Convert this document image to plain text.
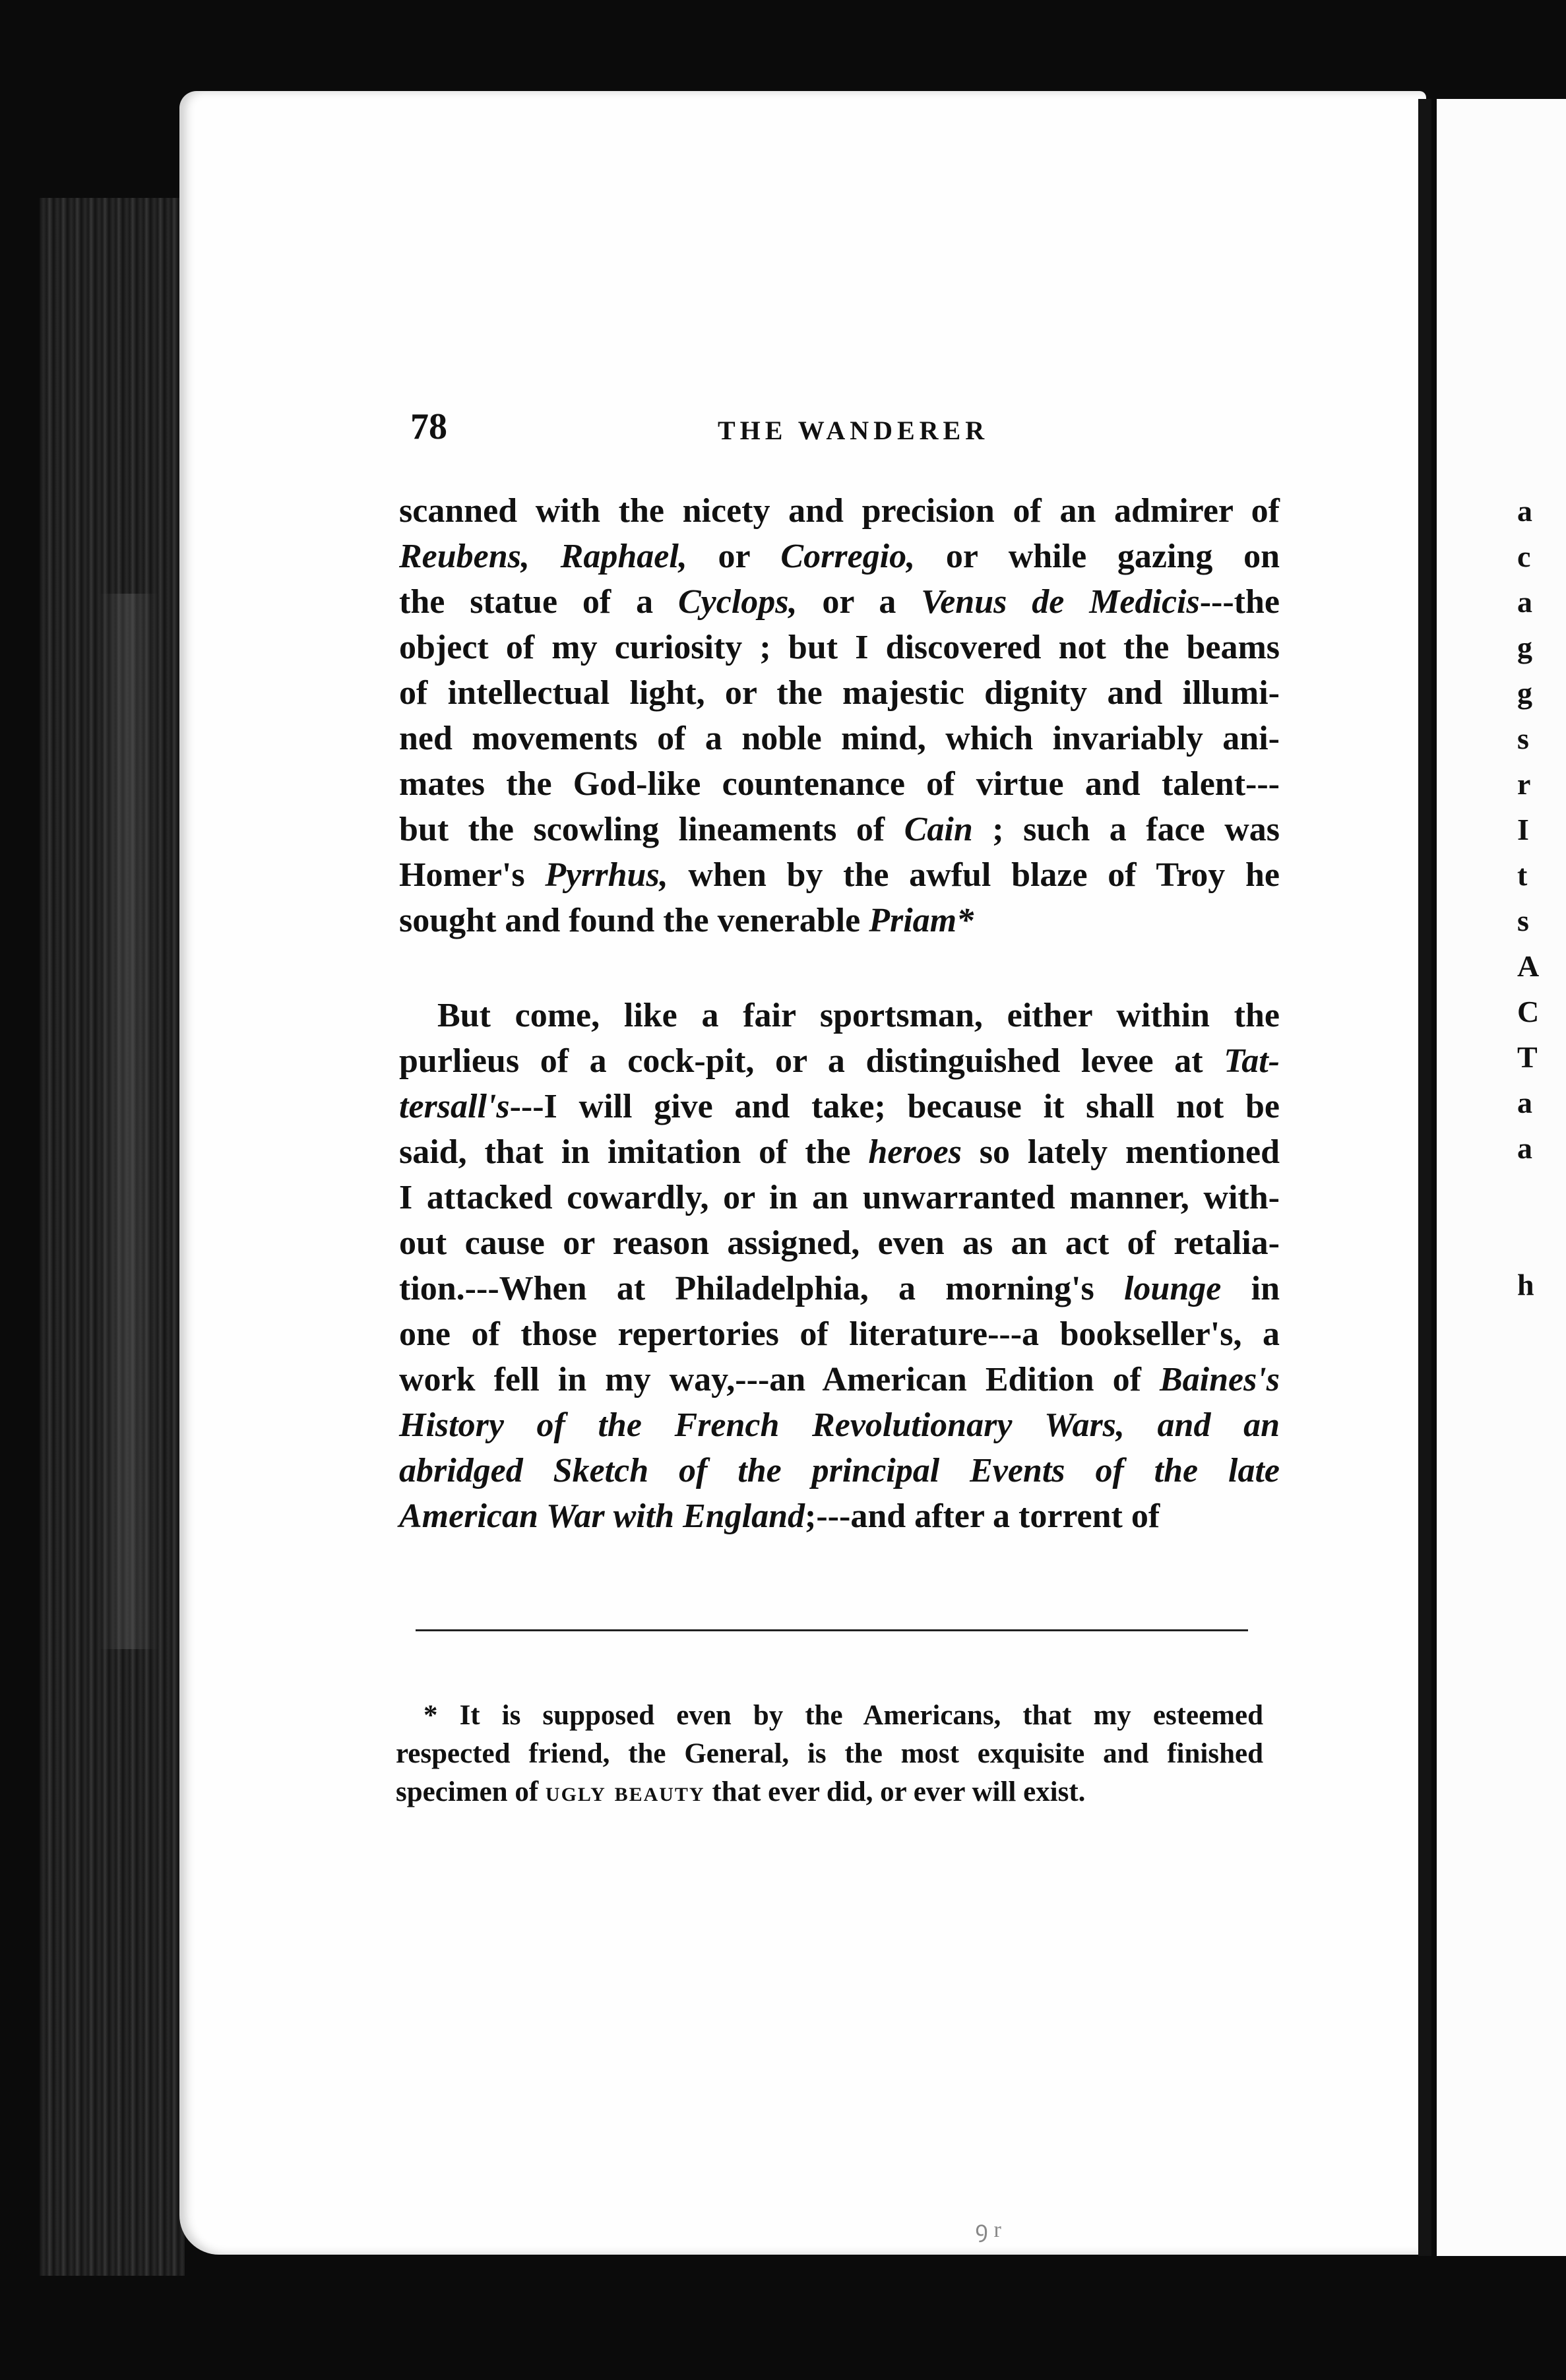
78	THE WANDERER
scanned with the nicety and precision of an admirer of
Reubens, Raphael, or Corregio, or while gazing on
the statue of a Cyclops, or a Venus de Medicis---the
object of my curiosity ; but I discovered not the beams
of intellectual light, or the majestic dignity and illumi-
ned movements of a noble mind, which invariably ani-
mates the God-like countenance of virtue and talent---
but the scowling lineaments of Cain ; such a face was
Homer's Pyrrhus, when by the awful blaze of Troy he
sought and found the venerable Priam*
But come, like a fair sportsman, either within the
purlieus of a cock-pit, or a distinguished levee at Tat-
tersall's---I will give and take; because it shall not be
said, that in imitation of the heroes so lately mentioned
I attacked cowardly, or in an unwarranted manner, with-
out cause or reason assigned, even as an act of retalia-
tion.---When at Philadelphia, a morning's lounge in
one of those repertories of literature---a bookseller's, a
work fell in my way,---an American Edition of Baines's
History of the French Revolutionary Wars, and an
abridged Sketch of the principal Events of the late
American War with England;---and after a torrent of
* It is supposed even by the Americans, that my esteemed
respected friend, the General, is the most exquisite and finished
specimen of ugly beauty that ever did, or ever will exist.
a
c
a
g
g
s
r
I
t
s
A
C
T
a
a
h
ꝯ r
